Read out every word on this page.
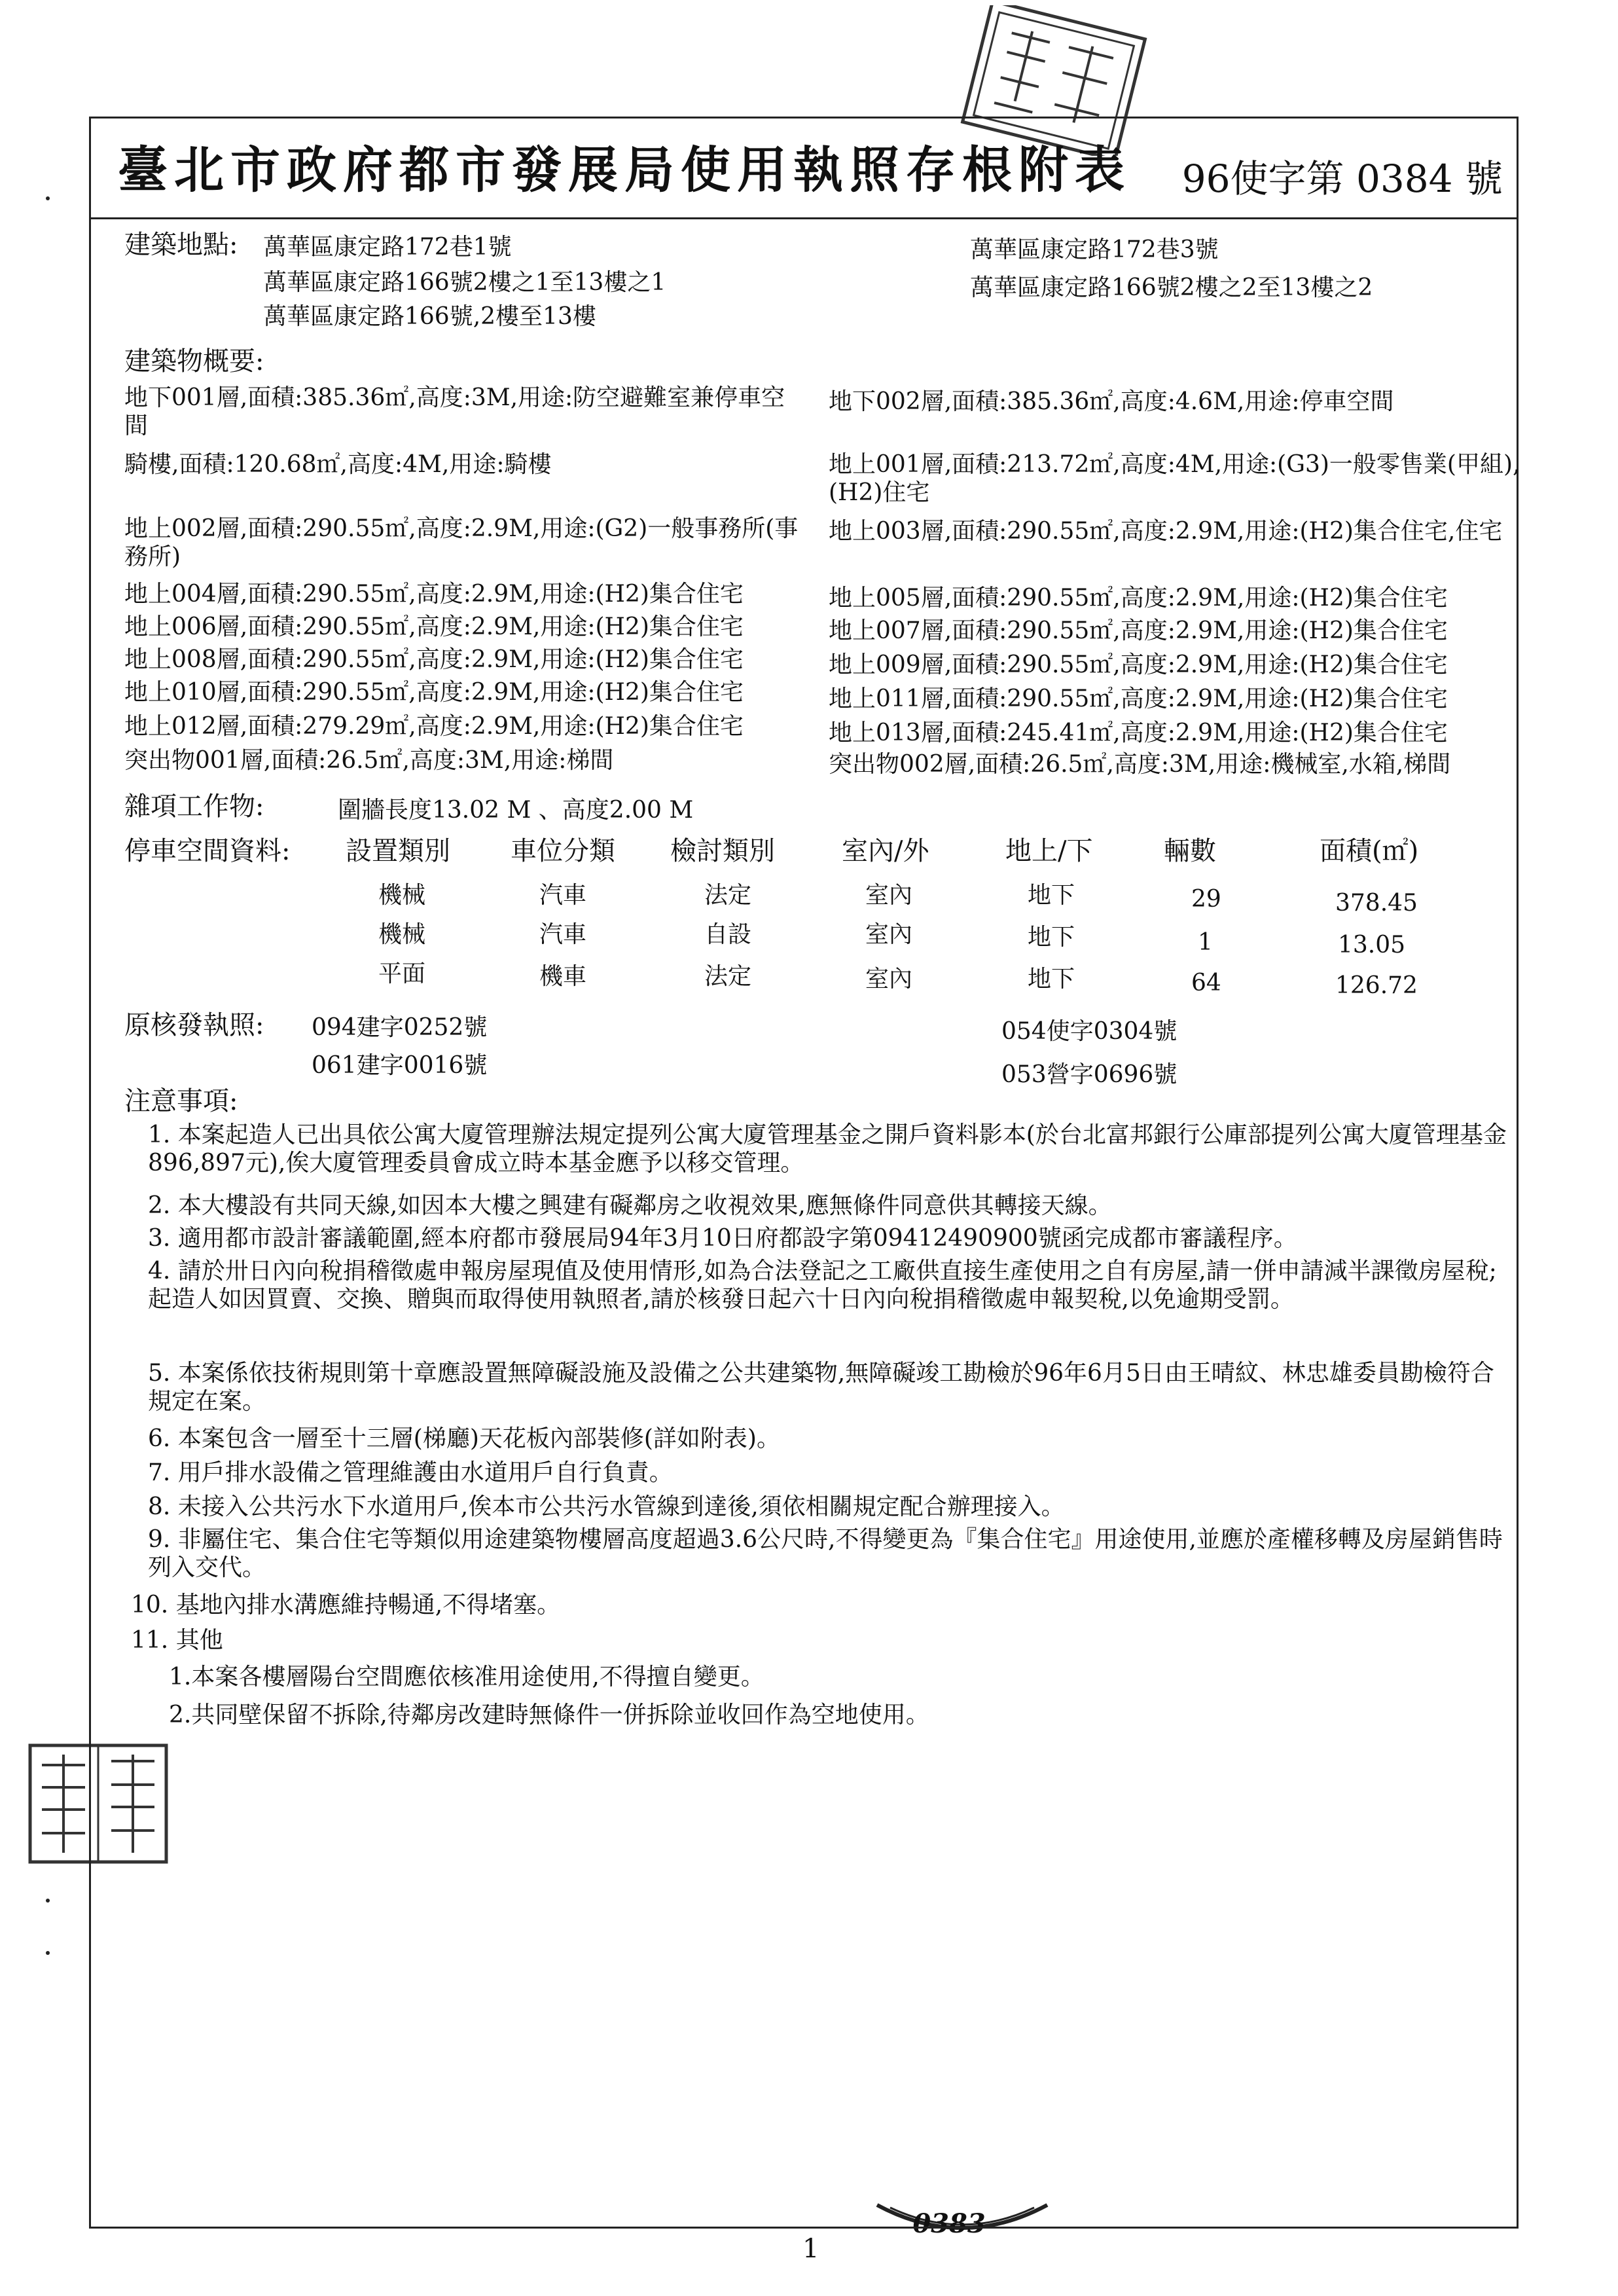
0383
臺北市政府都市發展局使用執照存根附表 96使字第 0384 號
建築地點: 萬華區康定路172巷1號
萬華區康定路166號2樓之1至13樓之1
萬華區康定路166號,2樓至13樓
萬華區康定路172巷3號
萬華區康定路166號2樓之2至13樓之2
建築物概要:
地下001層,面積:385.36㎡,高度:3M,用途:防空避難室兼停車空間
騎樓,面積:120.68㎡,高度:4M,用途:騎樓
地上002層,面積:290.55㎡,高度:2.9M,用途:(G2)一般事務所(事務所)
地上004層,面積:290.55㎡,高度:2.9M,用途:(H2)集合住宅
地上006層,面積:290.55㎡,高度:2.9M,用途:(H2)集合住宅
地上008層,面積:290.55㎡,高度:2.9M,用途:(H2)集合住宅
地上010層,面積:290.55㎡,高度:2.9M,用途:(H2)集合住宅
地上012層,面積:279.29㎡,高度:2.9M,用途:(H2)集合住宅
突出物001層,面積:26.5㎡,高度:3M,用途:梯間
地下002層,面積:385.36㎡,高度:4.6M,用途:停車空間
地上001層,面積:213.72㎡,高度:4M,用途:(G3)一般零售業(甲組),(H2)住宅
地上003層,面積:290.55㎡,高度:2.9M,用途:(H2)集合住宅,住宅
地上005層,面積:290.55㎡,高度:2.9M,用途:(H2)集合住宅
地上007層,面積:290.55㎡,高度:2.9M,用途:(H2)集合住宅
地上009層,面積:290.55㎡,高度:2.9M,用途:(H2)集合住宅
地上011層,面積:290.55㎡,高度:2.9M,用途:(H2)集合住宅
地上013層,面積:245.41㎡,高度:2.9M,用途:(H2)集合住宅
突出物002層,面積:26.5㎡,高度:3M,用途:機械室,水箱,梯間
雜項工作物:	圍牆長度13.02 M 、高度2.00 M
停車空間資料: 設置類別 車位分類 檢討類別	室內/外	地上/下	輛數	面積(㎡)
機械	汽車	法定	室內	地下	29	378.45
機械	汽車	自設	室內	地下	1	13.05
平面	機車	法定	室內	地下	64	126.72
原核發執照: 094建字0252號
061建字0016號
054使字0304號
053營字0696號
注意事項:
1. 本案起造人已出具依公寓大廈管理辦法規定提列公寓大廈管理基金之開戶資料影本(於台北富邦銀行公庫部提列公寓大廈管理基金896,897元),俟大廈管理委員會成立時本基金應予以移交管理。
2. 本大樓設有共同天線,如因本大樓之興建有礙鄰房之收視效果,應無條件同意供其轉接天線。
3. 適用都市設計審議範圍,經本府都市發展局94年3月10日府都設字第09412490900號函完成都市審議程序。
4. 請於卅日內向稅捐稽徵處申報房屋現值及使用情形,如為合法登記之工廠供直接生產使用之自有房屋,請一併申請減半課徵房屋稅;起造人如因買賣、交換、贈與而取得使用執照者,請於核發日起六十日內向稅捐稽徵處申報契稅,以免逾期受罰。
5. 本案係依技術規則第十章應設置無障礙設施及設備之公共建築物,無障礙竣工勘檢於96年6月5日由王晴紋、林忠雄委員勘檢符合規定在案。
6. 本案包含一層至十三層(梯廳)天花板內部裝修(詳如附表)。
7. 用戶排水設備之管理維護由水道用戶自行負責。
8. 未接入公共污水下水道用戶,俟本市公共污水管線到達後,須依相關規定配合辦理接入。
9. 非屬住宅、集合住宅等類似用途建築物樓層高度超過3.6公尺時,不得變更為『集合住宅』用途使用,並應於產權移轉及房屋銷售時列入交代。
10. 基地內排水溝應維持暢通,不得堵塞。
11. 其他
1.本案各樓層陽台空間應依核准用途使用,不得擅自變更。
2.共同壁保留不拆除,待鄰房改建時無條件一併拆除並收回作為空地使用。
1
